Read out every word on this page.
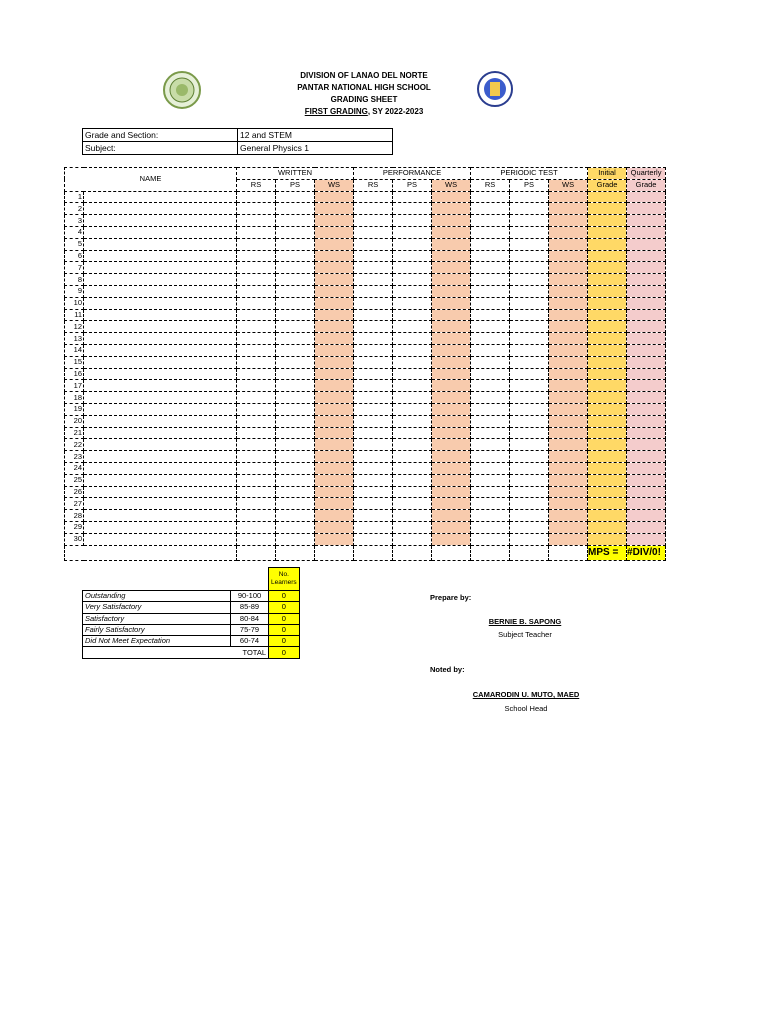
DIVISION OF LANAO DEL NORTE
PANTAR NATIONAL HIGH SCHOOL
GRADING SHEET
FIRST GRADING, SY 2022-2023
Grade and Section:	12 and STEM
Subject:	General Physics 1
NAME		WRITTEN			PERFORMANCE			PERIODIC TEST			Initial	Quarterly
		RS	PS	WS	RS	PS	WS	RS	PS	WS	Grade	Grade
1												
2												
3												
4												
5												
6												
7												
8												
9												
10												
11												
12												
13												
14												
15												
16												
17												
18												
19												
20												
21												
22												
23												
24												
25												
26												
27												
28												
29												
30												
											MPS =	#DIV/0!
		No.
Learners
Outstanding	90-100	0
Very Satisfactory	85-89	0
Satisfactory	80-84	0
Fairly Satisfactory	75-79	0
Did Not Meet Expectation	60-74	0
TOTAL		0
Prepare by:
BERNIE B. SAPONG
Subject Teacher
Noted by:
CAMARODIN U. MUTO, MAED
School Head
